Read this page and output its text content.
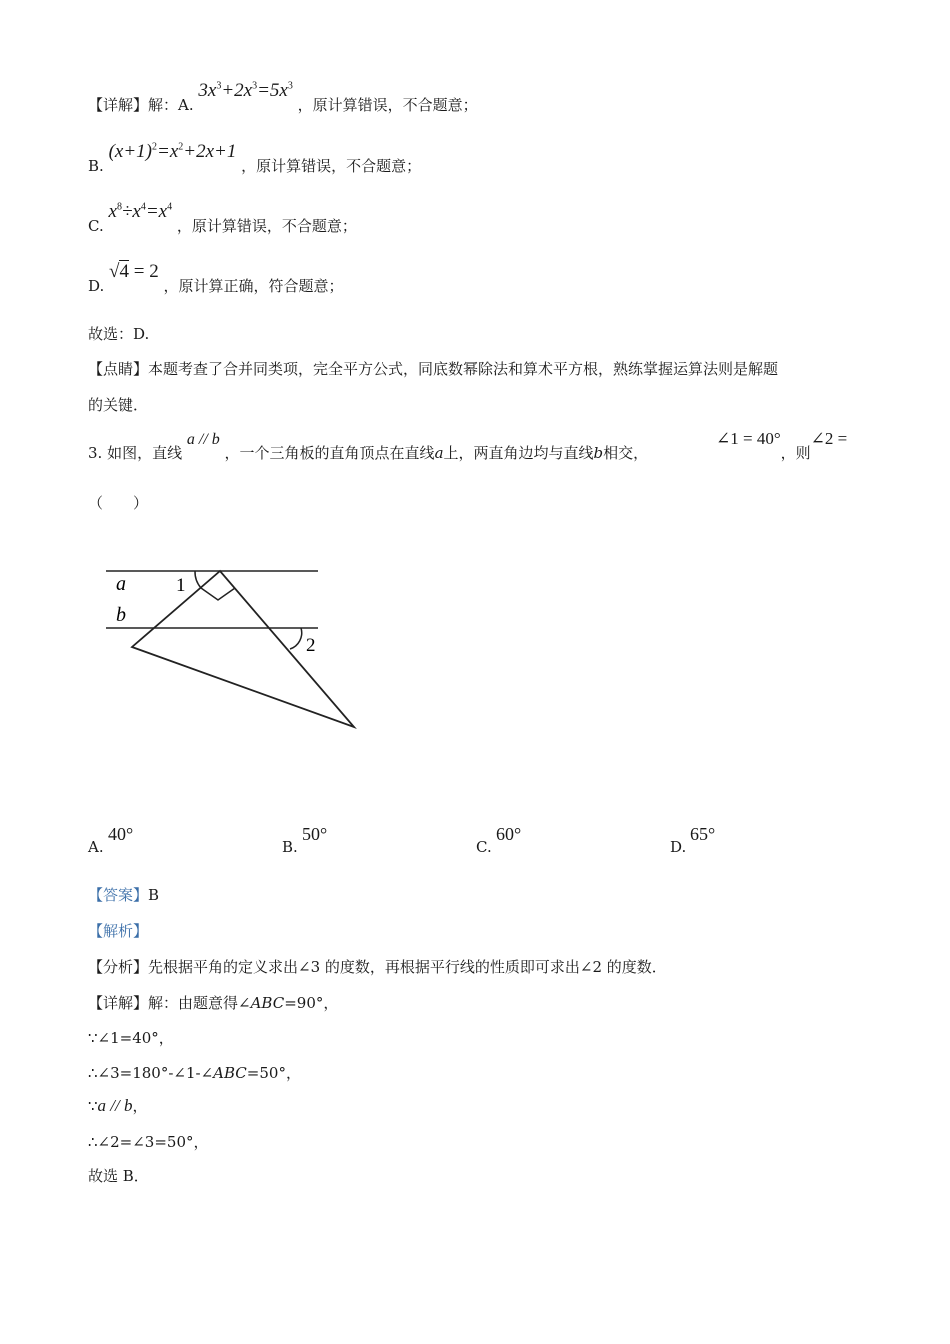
【详解】解：A. $3x^3+2x^3=5x^3$ ，原计算错误，不合题意；
B. $(x+1)^2=x^2+2x+1$ ，原计算错误，不合题意；
C. $x^8\div x^4=x^4$ ，原计算错误，不合题意；
D. √4 = 2 ，原计算正确，符合题意；
故选：D.
【点睛】本题考查了合并同类项，完全平方公式，同底数幂除法和算术平方根，熟练掌握运算法则是解题
的关键．
3. 如图，直线 a // b ，一个三角板的直角顶点在直线a上，两直角边均与直线b相交，
∠1 = 40°，则∠2 =
（　　）
a
b
1
2
A.
40°
B.
50°
C.
60°
D.
65°
【答案】B
【解析】
【分析】先根据平角的定义求出∠3 的度数，再根据平行线的性质即可求出∠2 的度数．
【详解】解：由题意得∠ABC=90°，
∵∠1=40°，
∴∠3=180°-∠1-∠ABC=50°，
∵a // b，
∴∠2=∠3=50°，
故选 B．
